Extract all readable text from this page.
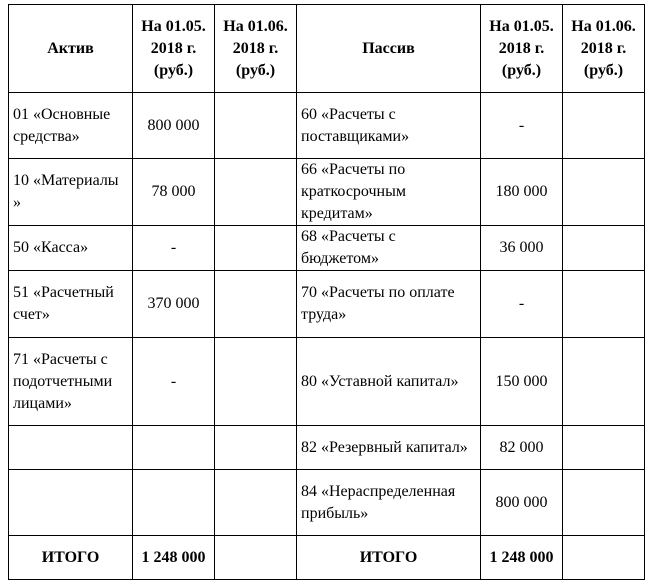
Актив	На 01.05. 2018 г. (руб.)	На 01.06. 2018 г. (руб.)	Пассив	На 01.05. 2018 г. (руб.)	На 01.06. 2018 г. (руб.)
01 «Основные средства»	800 000		60 «Расчеты с поставщиками»	-	
10 «Материалы »	78 000		66 «Расчеты по краткосрочным кредитам»	180 000	
50 «Касса»	-		68 «Расчеты с бюджетом»	36 000	
51 «Расчетный счет»	370 000		70 «Расчеты по оплате труда»	-	
71 «Расчеты с подотчетными лицами»	-		80 «Уставной капитал»	150 000	
			82 «Резервный капитал»	82 000	
			84 «Нераспределенная прибыль»	800 000	
ИТОГО	1 248 000		ИТОГО	1 248 000	
